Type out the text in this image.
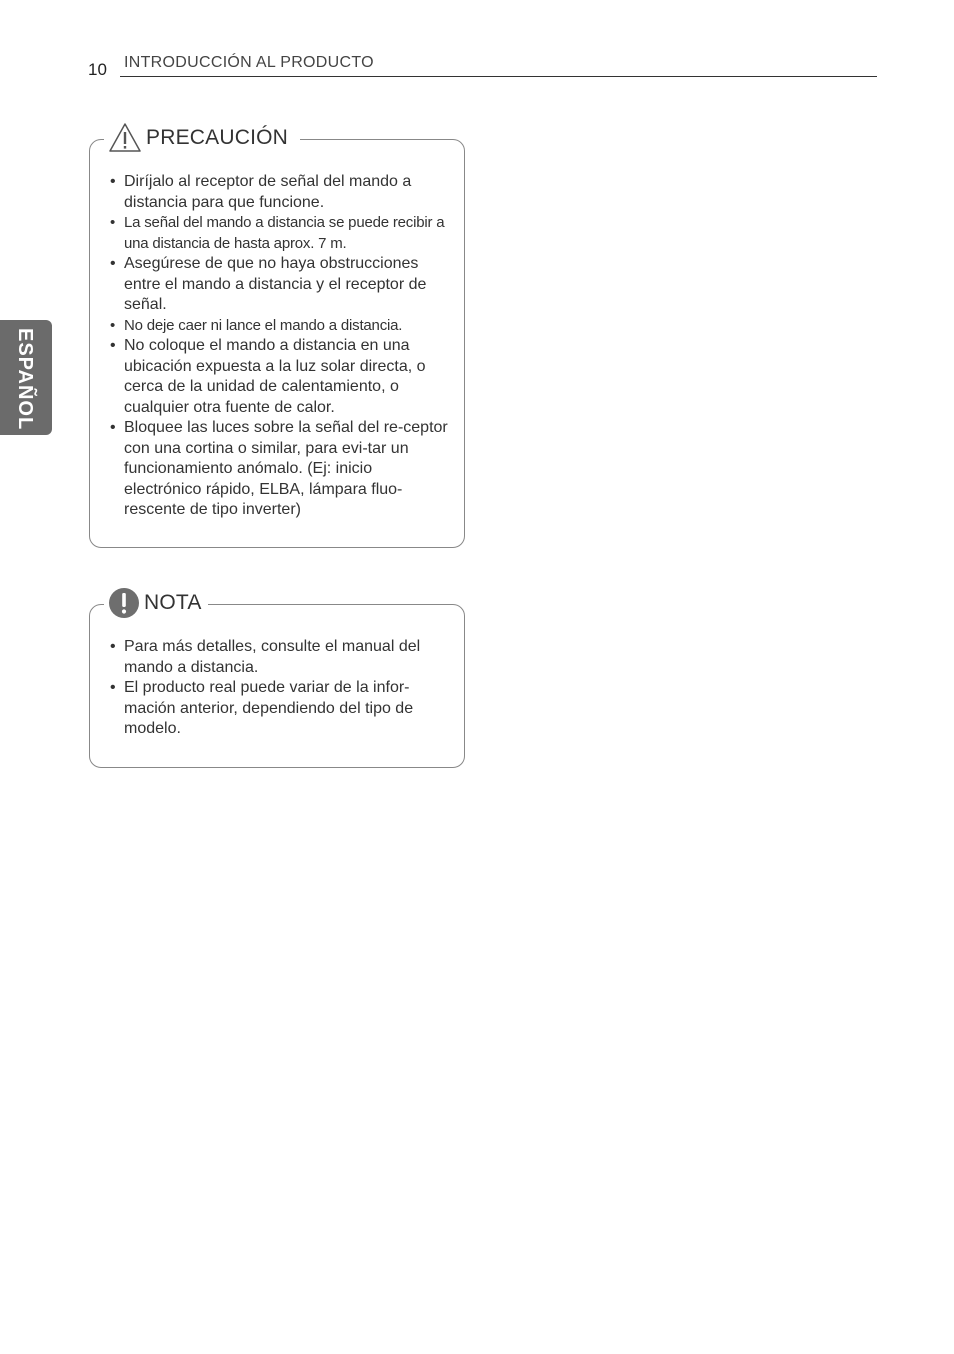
10 INTRODUCCIÓN AL PRODUCTO
ESPAÑOL
PRECAUCIÓN
• Diríjalo al receptor de señal del mando a distancia para que funcione.
• La señal del mando a distancia se puede recibir a una distancia de hasta aprox. 7 m.
• Asegúrese de que no haya obstrucciones entre el mando a distancia y el receptor de señal.
• No deje caer ni lance el mando a distancia.
• No coloque el mando a distancia en una ubicación expuesta a la luz solar directa, o cerca de la unidad de calentamiento, o cualquier otra fuente de calor.
• Bloquee las luces sobre la señal del re-ceptor con una cortina o similar, para evi-tar un funcionamiento anómalo. (Ej: inicio electrónico rápido, ELBA, lámpara fluo-rescente de tipo inverter)
NOTA
• Para más detalles, consulte el manual del mando a distancia.
• El producto real puede variar de la infor-mación anterior, dependiendo del tipo de modelo.
